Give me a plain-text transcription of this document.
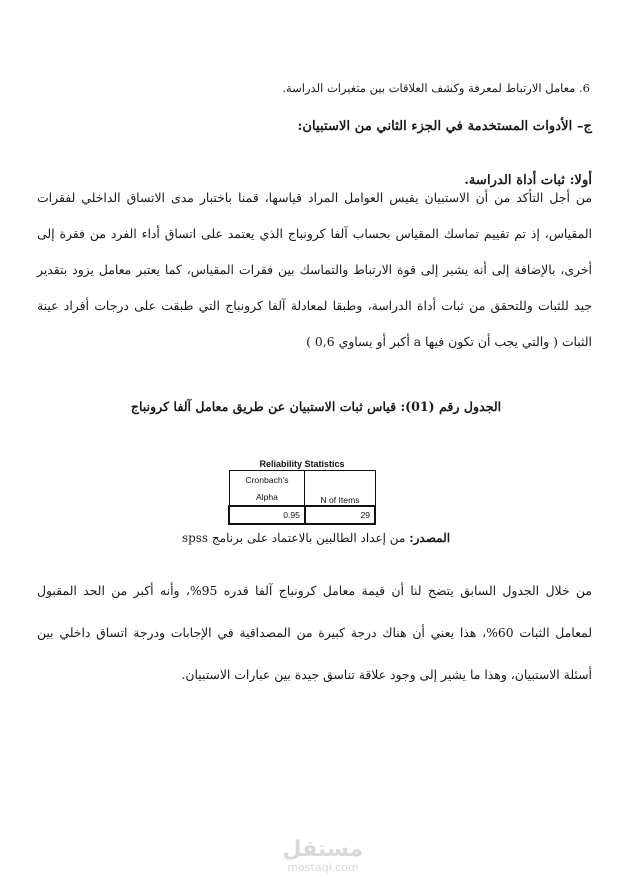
6. معامل الارتباط لمعرفة وكشف العلاقات بين متغيرات الدراسة.
ج– الأدوات المستخدمة في الجزء الثاني من الاستبيان:
أولا: ثبات أداة الدراسة.
من أجل التأكد من أن الاستبيان يقيس العوامل المراد قياسها، قمنا باختبار مدى الاتساق الداخلي لفقرات
المقياس، إذ تم تقييم تماسك المقياس بحساب آلفا كرونباج الذي يعتمد على اتساق أداء الفرد من فقرة إلى
أخرى، بالإضافة إلى أنه يشير إلى قوة الارتباط والتماسك بين فقرات المقياس، كما يعتبر معامل يزود بتقدير
جيد للثبات وللتحقق من ثبات أداة الدراسة، وطبقا لمعادلة آلفا كرونباج التي طبقت على درجات أفراد عينة
الثبات ( والتي يجب أن تكون فيها a أكبر أو يساوي 0,6 )
الجدول رقم (01): قياس ثبات الاستبيان عن طريق معامل آلفا كرونباج
Reliability Statistics
Cronbach's	N of Items
Alpha	
0.95	29
المصدر: من إعداد الطالبين بالاعتماد على برنامج spss
من خلال الجدول السابق يتضح لنا أن قيمة معامل كرونباج آلفا قدره 95%، وأنه أكبر من الحد المقبول
لمعامل الثبات 60%، هذا يعني أن هناك درجة كبيرة من المصداقية في الإجابات ودرجة اتساق داخلي بين
أسئلة الاستبيان، وهذا ما يشير إلى وجود علاقة تناسق جيدة بين عبارات الاستبيان.
مستقل
mostaql.com
